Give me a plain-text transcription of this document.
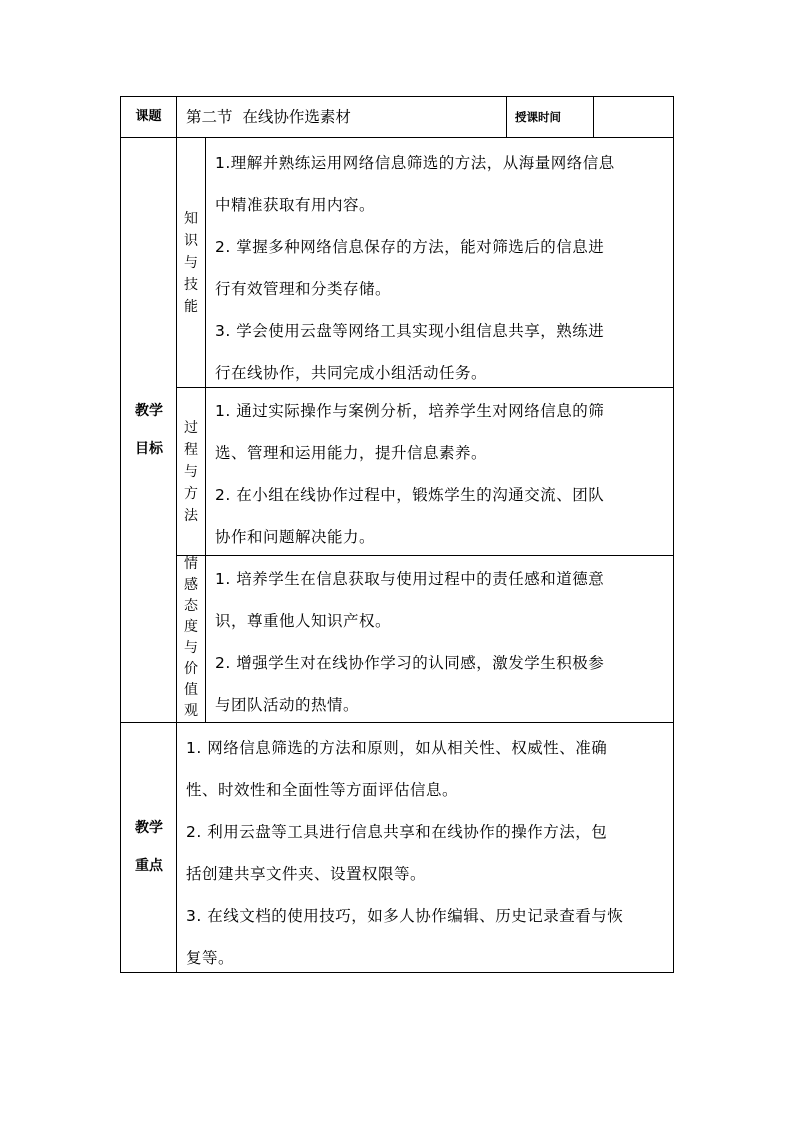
课题	第二节  在线协作选素材	授课时间
教学
目标
知
识
与
技
能

1.理解并熟练运用网络信息筛选的方法，从海量网络信息

中精准获取有用内容。

2. 掌握多种网络信息保存的方法，能对筛选后的信息进

行有效管理和分类存储。

3. 学会使用云盘等网络工具实现小组信息共享，熟练进

行在线协作，共同完成小组活动任务。

过
程
与
方
法

1. 通过实际操作与案例分析，培养学生对网络信息的筛

选、管理和运用能力，提升信息素养。

2. 在小组在线协作过程中，锻炼学生的沟通交流、团队

协作和问题解决能力。

情
感
态
度
与
价
值
观

1. 培养学生在信息获取与使用过程中的责任感和道德意

识，尊重他人知识产权。

2. 增强学生对在线协作学习的认同感，激发学生积极参

与团队活动的热情。

教学
重点

1. 网络信息筛选的方法和原则，如从相关性、权威性、准确

性、时效性和全面性等方面评估信息。

2. 利用云盘等工具进行信息共享和在线协作的操作方法，包

括创建共享文件夹、设置权限等。

3. 在线文档的使用技巧，如多人协作编辑、历史记录查看与恢

复等。
